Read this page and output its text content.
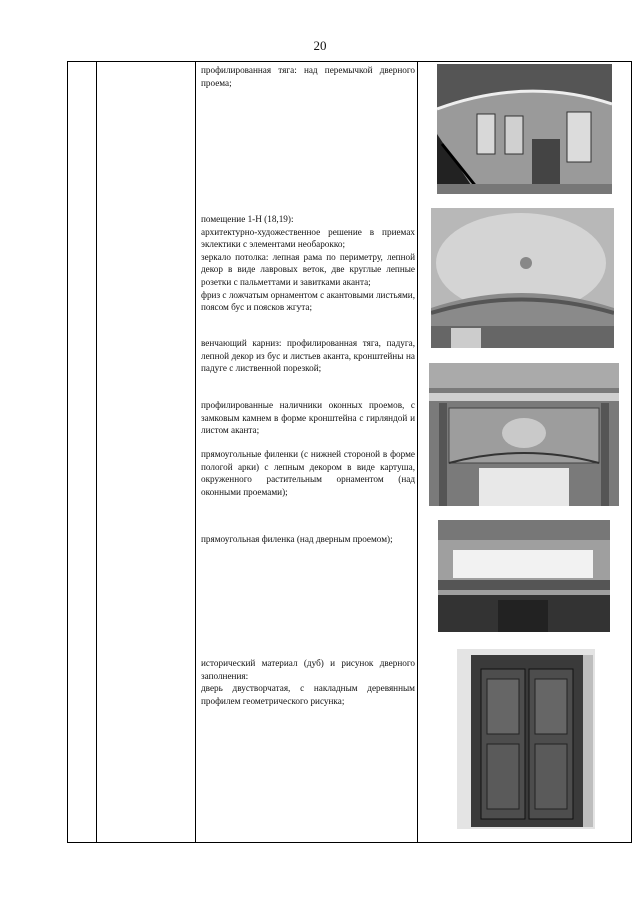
20

профилированная тяга: над перемычкой дверного проема;

помещение 1-Н (18,19):
архитектурно-художественное решение в приемах эклектики с элементами необарокко;
зеркало потолка: лепная рама по периметру, лепной декор в виде лавровых веток, две круглые лепные розетки с пальметтами и завитками аканта;
фриз с ложчатым орнаментом с акантовыми листьями, поясом бус и поясков жгута;

венчающий карниз: профилированная тяга, падуга, лепной декор из бус и листьев аканта, кронштейны на падуге с лиственной порезкой;

профилированные наличники оконных проемов, с замковым камнем в форме кронштейна с гирляндой и листом аканта;

прямоугольные филенки (с нижней стороной в форме пологой арки) с лепным декором в виде картуша, окруженного растительным орнаментом (над оконными проемами);

прямоугольная филенка (над дверным проемом);

исторический материал (дуб) и рисунок дверного заполнения:
дверь двустворчатая, с накладным деревянным профилем геометрического рисунка;
